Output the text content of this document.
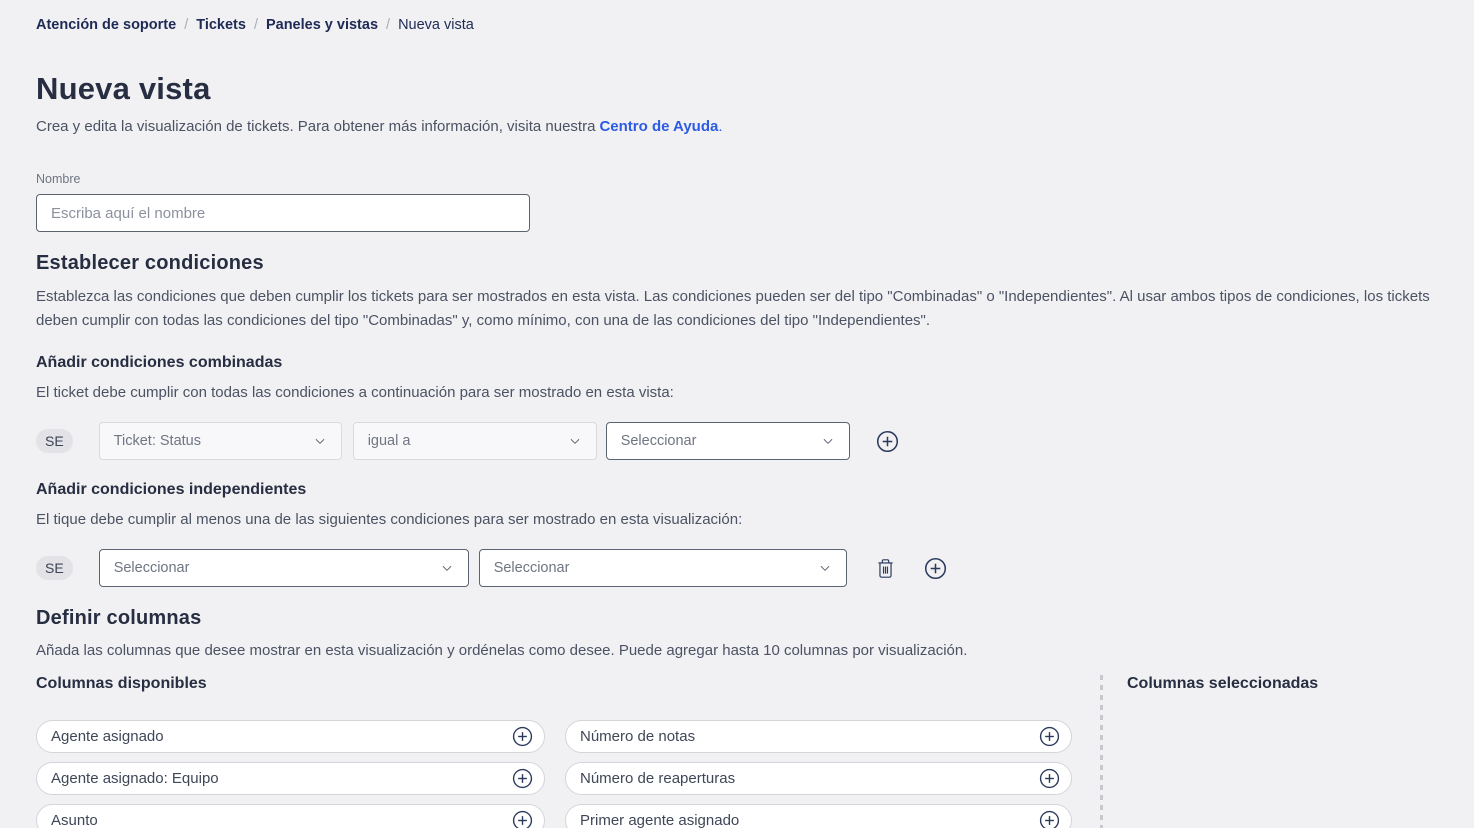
Atención de soporte / Tickets / Paneles y vistas / Nueva vista
Nueva vista

Crea y edita la visualización de tickets. Para obtener más información, visita nuestra Centro de Ayuda.

Nombre
Escriba aquí el nombre
Establecer condiciones

Establezca las condiciones que deben cumplir los tickets para ser mostrados en esta vista. Las condiciones pueden ser del tipo "Combinadas" o "Independientes". Al usar ambos tipos de condiciones, los tickets deben cumplir con todas las condiciones del tipo "Combinadas" y, como mínimo, con una de las condiciones del tipo "Independientes".

Añadir condiciones combinadas

El ticket debe cumplir con todas las condiciones a continuación para ser mostrado en esta vista:

SE	Ticket: Status	igual a	Seleccionar
Añadir condiciones independientes

El tique debe cumplir al menos una de las siguientes condiciones para ser mostrado en esta visualización:

SE	Seleccionar	Seleccionar
Definir columnas

Añada las columnas que desee mostrar en esta visualización y ordénelas como desee. Puede agregar hasta 10 columnas por visualización.

Columnas disponibles
Agente asignado
Agente asignado: Equipo
Asunto
Número de notas
Número de reaperturas
Primer agente asignado
Columnas seleccionadas
